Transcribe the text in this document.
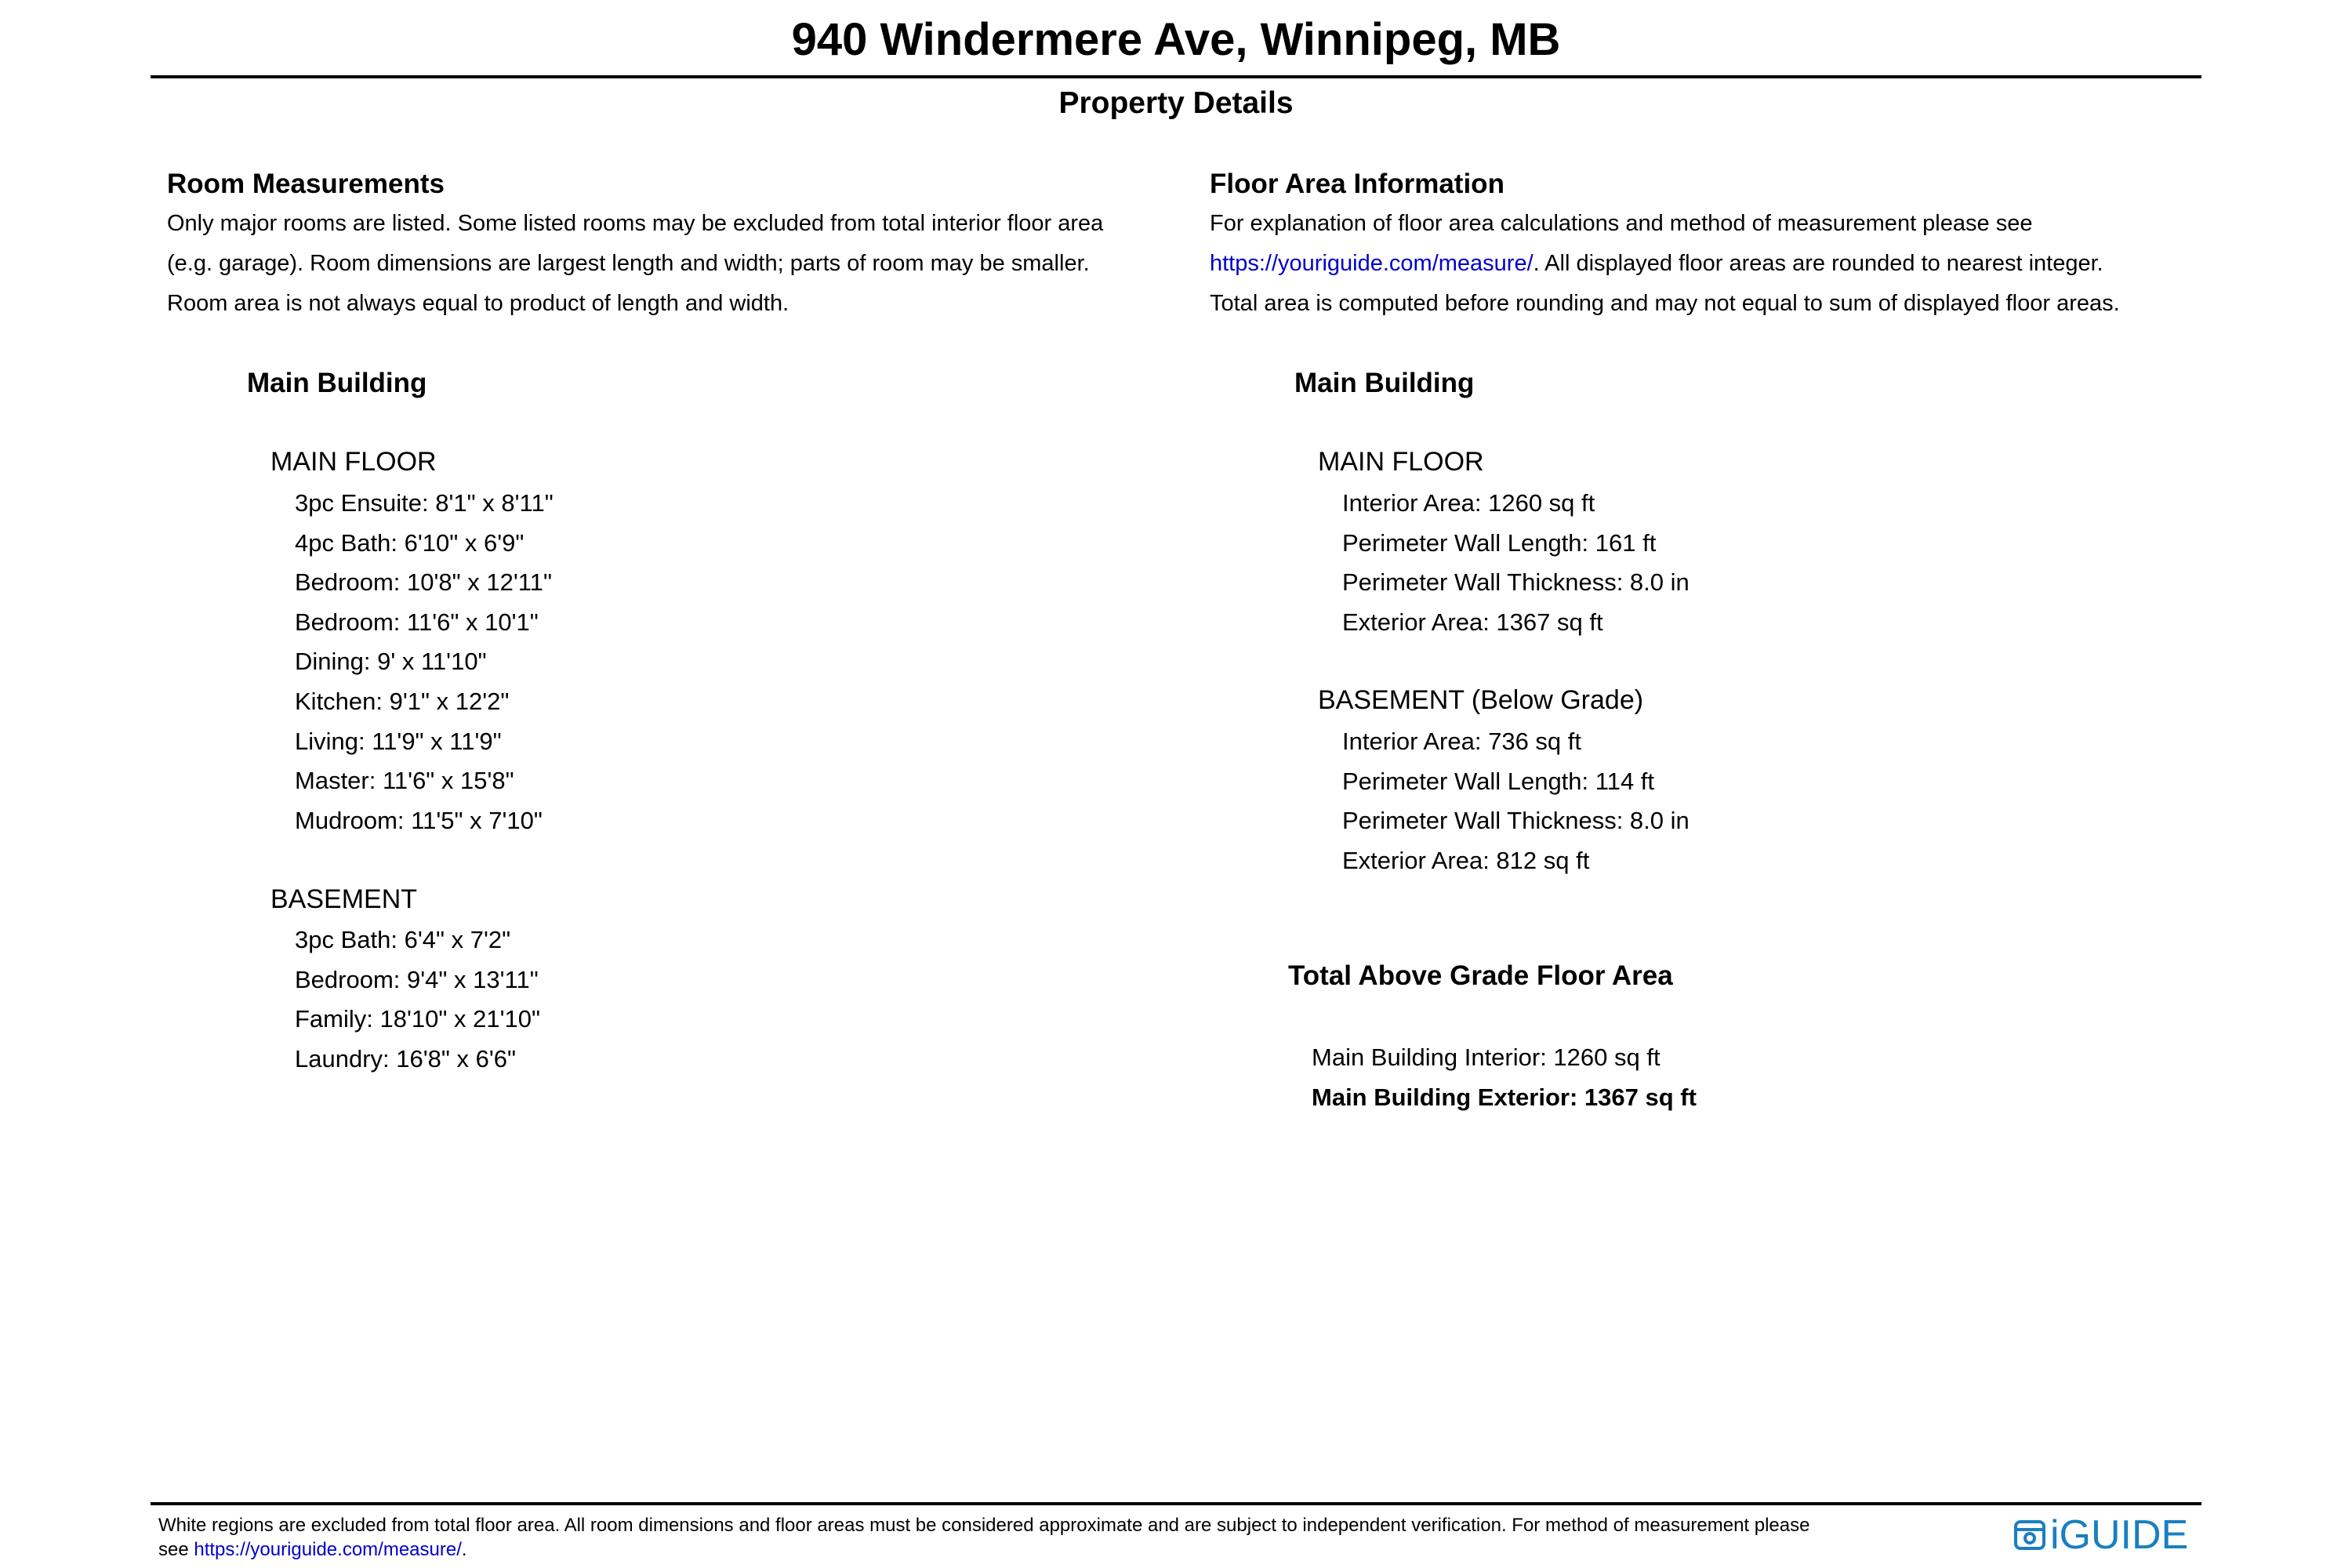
940 Windermere Ave, Winnipeg, MB
Property Details
Room Measurements

Only major rooms are listed. Some listed rooms may be excluded from total interior floor area

(e.g. garage). Room dimensions are largest length and width; parts of room may be smaller.

Room area is not always equal to product of length and width.

Main Building
MAIN FLOOR
3pc Ensuite: 8'1" x 8'11"
4pc Bath: 6'10" x 6'9"
Bedroom: 10'8" x 12'11"
Bedroom: 11'6" x 10'1"
Dining: 9' x 11'10"
Kitchen: 9'1" x 12'2"
Living: 11'9" x 11'9"
Master: 11'6" x 15'8"
Mudroom: 11'5" x 7'10"
BASEMENT
3pc Bath: 6'4" x 7'2"
Bedroom: 9'4" x 13'11"
Family: 18'10" x 21'10"
Laundry: 16'8" x 6'6"
Floor Area Information

For explanation of floor area calculations and method of measurement please see

https://youriguide.com/measure/. All displayed floor areas are rounded to nearest integer.

Total area is computed before rounding and may not equal to sum of displayed floor areas.

Main Building
MAIN FLOOR
Interior Area: 1260 sq ft
Perimeter Wall Length: 161 ft
Perimeter Wall Thickness: 8.0 in
Exterior Area: 1367 sq ft
BASEMENT (Below Grade)
Interior Area: 736 sq ft
Perimeter Wall Length: 114 ft
Perimeter Wall Thickness: 8.0 in
Exterior Area: 812 sq ft
Total Above Grade Floor Area
Main Building Interior: 1260 sq ft
Main Building Exterior: 1367 sq ft
White regions are excluded from total floor area. All room dimensions and floor areas must be considered approximate and are subject to independent verification. For method of measurement please
see https://youriguide.com/measure/.	iGUIDE
